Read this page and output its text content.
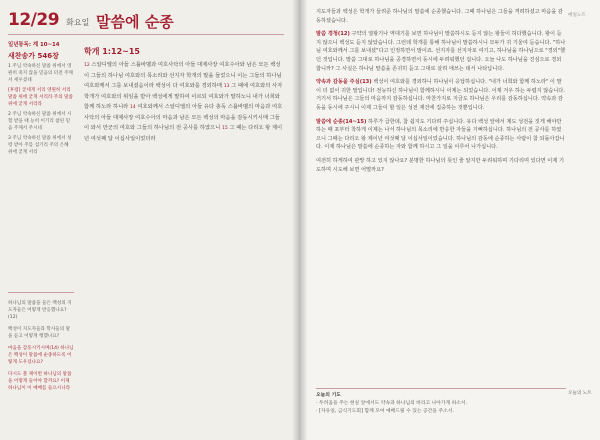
12/29 화요일 말씀에 순종
일년통독: 계 10~14
새찬송가 546장
1 주님 약속하신 말씀 위에서 영원히 죽지 않을 믿음의 터전 주께서 세우셨네
[후렴] 굳세게 서리 영원히 서리 말씀 위에 굳게 서리라 주의 말씀 위에 굳게 서리라
2 주님 약속하신 말씀 위에서 시험 받을 때 능히 이기리 참된 믿음 주께서 주시네
3 주님 약속하신 말씀 위에서 성령 받아 주를 섬기리 주의 은혜 위에 굳게 서리
하나님의 말씀을 들은 백성의 지도자들은 어떻게 반응했나요?(12)
백성이 지도자들과 학사들의 말을 듣고 어떻게 행했나요?
마음을 감동시키시며(14) 하나님은 백성이 말씀에 순종하도록 어떻게 도우셨나요?
다시도 볼 제이번 하나님의 말씀을 어떻게 들어야 할까요? 이제 하나님이 이 예배를 들으시니라
학개 1:12~15
12 스알디엘의 아들 스룹바벨과 여호사닥의 아들 대제사장 여호수아와 남은 모든 백성이 그들의 하나님 여호와의 목소리와 선지자 학개의 말을 들었으니 이는 그들의 하나님 여호와께서 그를 보내셨음이라 백성이 다 여호와를 경외하매 13 그 때에 여호와의 사자 학개가 여호와의 위임을 받아 백성에게 말하여 이르되 여호와가 말하노니 내가 너희와 함께 하노라 하니라 14 여호와께서 스알디엘의 아들 유다 총독 스룹바벨의 마음과 여호사닥의 아들 대제사장 여호수아의 마음과 남은 모든 백성의 마음을 감동시키시매 그들이 와서 만군의 여호와 그들의 하나님의 전 공사를 하였으니 15 그 때는 다리오 왕 제이년 여섯째 달 이십사일이었더라
매일노트

지도자들과 백성은 학개가 들려준 하나님의 말씀에 순종했습니다. 그때 하나님은 그들을 격려하셨고 마음을 감동하셨습니다.

말씀 경청(12) 구약의 열왕기나 역대기를 보면 하나님이 말씀하시도 듣지 않는 왕들이 허다했습니다. 왕이 듣지 않으니 백성도 듣지 않았습니다. 그런데 학개를 통해 하나님이 말씀하시니 모두가 귀 기울여 듣습니다. "하나님 여호와께서 그를 보내셨"다고 인정하면서 말이죠. 선지자를 선지자로 여기고, 하나님을 하나님으로 "경외"했던 것입니다. 말씀 그대로 하나님을 공경하면서 동시에 두려워했던 겁니다. 오늘 나도 하나님을 진심으로 경외합니까? 그 사실은 하나님 말씀을 존귀히 듣고 그대로 살려 애쓰는 데서 나타납니다.

약속과 감동을 주심(13) 백성이 여호와를 경외하니 하나님이 응답하십니다. "내가 너희와 함께 하노라" 이 말이 더 없이 귀한 말입니다! 전능하신 하나님이 함께하시니 이제는 되었습니다. 이제 겨우 하는 두렵지 않습니다. 거기서 하나님은 그들의 마음까지 감동하십니다. 마찬가지로 지금도 하나님은 우리를 감동하십니다. 약속과 감동을 동시에 주시니 이제 그들이 할 일은 성전 재건에 집중하는 것뿐입니다.

말씀에 순종(14~15) 하루가 급한데, 참 쉽지도 기다려 주십니다. 유다 백성 앞에서 제도 성전을 짓게 해야만 하는 때 포부터 착하게 이제는 나서 하나님의 목소리에 반응한 자들을 기뻐하십니다. 하나님의 전 공사를 하였으니 그때는 다리오 왕 제이년 여섯째 달 이십사일이었습니다. 하나님의 감동에 순종하는 사람이 참 되돌아갑니다. 이제 하나님은 말씀에 순종하는 자와 함께 하시고 그 일을 이루어 나가십니다.

여전히 하게하여 관망 하고 있지 않나요? 분명한 하나님의 뜻인 줄 알지만 두려워하며 기다리며 있다면 이제 기도하며 시도해 보면 어떨까요?

오늘의 기도
· 두려움을 주는 현실 앞에서도 약속과 하나님의 바라고 나아가게 하소서.
· [자유일, 금식기도회] 함께 모여 예배드릴 수 있는 공간을 주소서.
오늘의 노트
